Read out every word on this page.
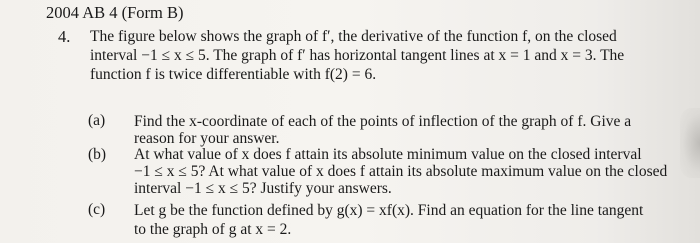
2004 AB 4 (Form B)
4. The figure below shows the graph of f′, the derivative of the function f, on the closed
interval −1 ≤ x ≤ 5. The graph of f′ has horizontal tangent lines at x = 1 and x = 3. The
function f is twice differentiable with f(2) = 6.
(a) Find the x-coordinate of each of the points of inflection of the graph of f. Give a
reason for your answer.
(b) At what value of x does f attain its absolute minimum value on the closed interval
−1 ≤ x ≤ 5? At what value of x does f attain its absolute maximum value on the closed
interval −1 ≤ x ≤ 5? Justify your answers.
(c) Let g be the function defined by g(x) = xf(x). Find an equation for the line tangent
to the graph of g at x = 2.
